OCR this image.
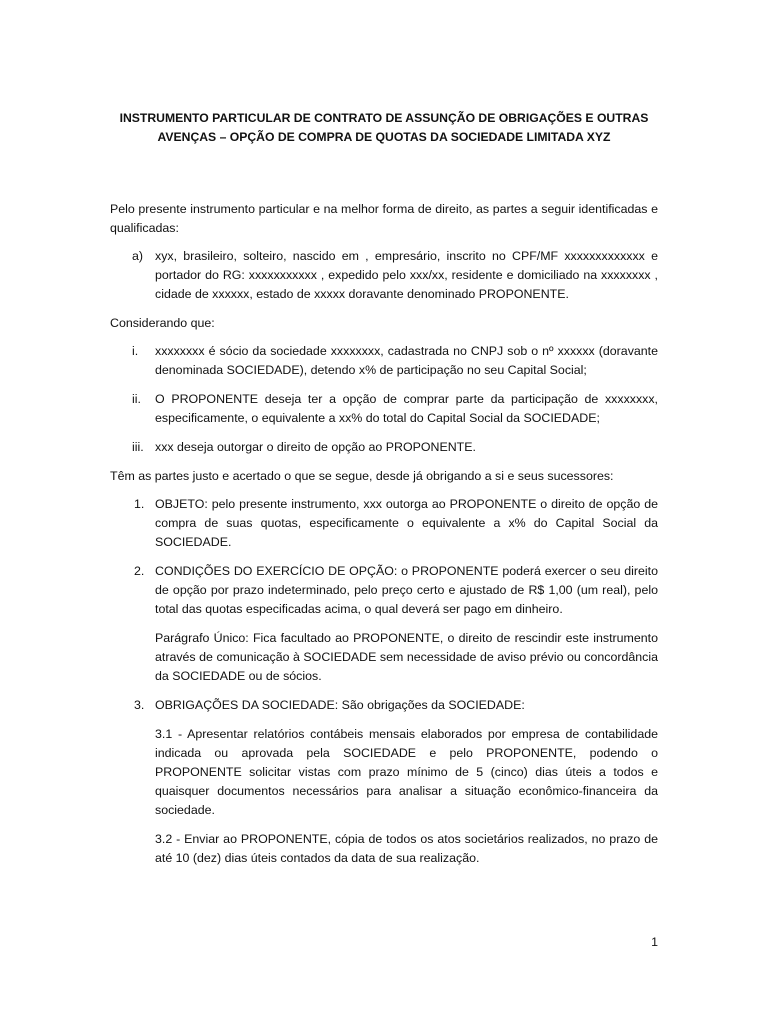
INSTRUMENTO PARTICULAR DE CONTRATO DE ASSUNÇÃO DE OBRIGAÇÕES E OUTRAS AVENÇAS – OPÇÃO DE COMPRA DE QUOTAS DA SOCIEDADE LIMITADA XYZ

Pelo presente instrumento particular e na melhor forma de direito, as partes a seguir identificadas e qualificadas:

a) xyx, brasileiro, solteiro, nascido em , empresário, inscrito no CPF/MF xxxxxxxxxxxxx e portador do RG: xxxxxxxxxxx , expedido pelo xxx/xx, residente e domiciliado na xxxxxxxx , cidade de xxxxxx, estado de xxxxx doravante denominado PROPONENTE.

Considerando que:

i. xxxxxxxx é sócio da sociedade xxxxxxxx, cadastrada no CNPJ sob o nº xxxxxx (doravante denominada SOCIEDADE), detendo x% de participação no seu Capital Social;
ii. O PROPONENTE deseja ter a opção de comprar parte da participação de xxxxxxxx, especificamente, o equivalente a xx% do total do Capital Social da SOCIEDADE;
iii. xxx deseja outorgar o direito de opção ao PROPONENTE.

Têm as partes justo e acertado o que se segue, desde já obrigando a si e seus sucessores:

1. OBJETO: pelo presente instrumento, xxx outorga ao PROPONENTE o direito de opção de compra de suas quotas, especificamente o equivalente a x% do Capital Social da SOCIEDADE.

2. CONDIÇÕES DO EXERCÍCIO DE OPÇÃO: o PROPONENTE poderá exercer o seu direito de opção por prazo indeterminado, pelo preço certo e ajustado de R$ 1,00 (um real), pelo total das quotas especificadas acima, o qual deverá ser pago em dinheiro.

Parágrafo Único: Fica facultado ao PROPONENTE, o direito de rescindir este instrumento através de comunicação à SOCIEDADE sem necessidade de aviso prévio ou concordância da SOCIEDADE ou de sócios.

3. OBRIGAÇÕES DA SOCIEDADE: São obrigações da SOCIEDADE:

3.1 - Apresentar relatórios contábeis mensais elaborados por empresa de contabilidade indicada ou aprovada pela SOCIEDADE e pelo PROPONENTE, podendo o PROPONENTE solicitar vistas com prazo mínimo de 5 (cinco) dias úteis a todos e quaisquer documentos necessários para analisar a situação econômico-financeira da sociedade.

3.2 - Enviar ao PROPONENTE, cópia de todos os atos societários realizados, no prazo de até 10 (dez) dias úteis contados da data de sua realização.

1
